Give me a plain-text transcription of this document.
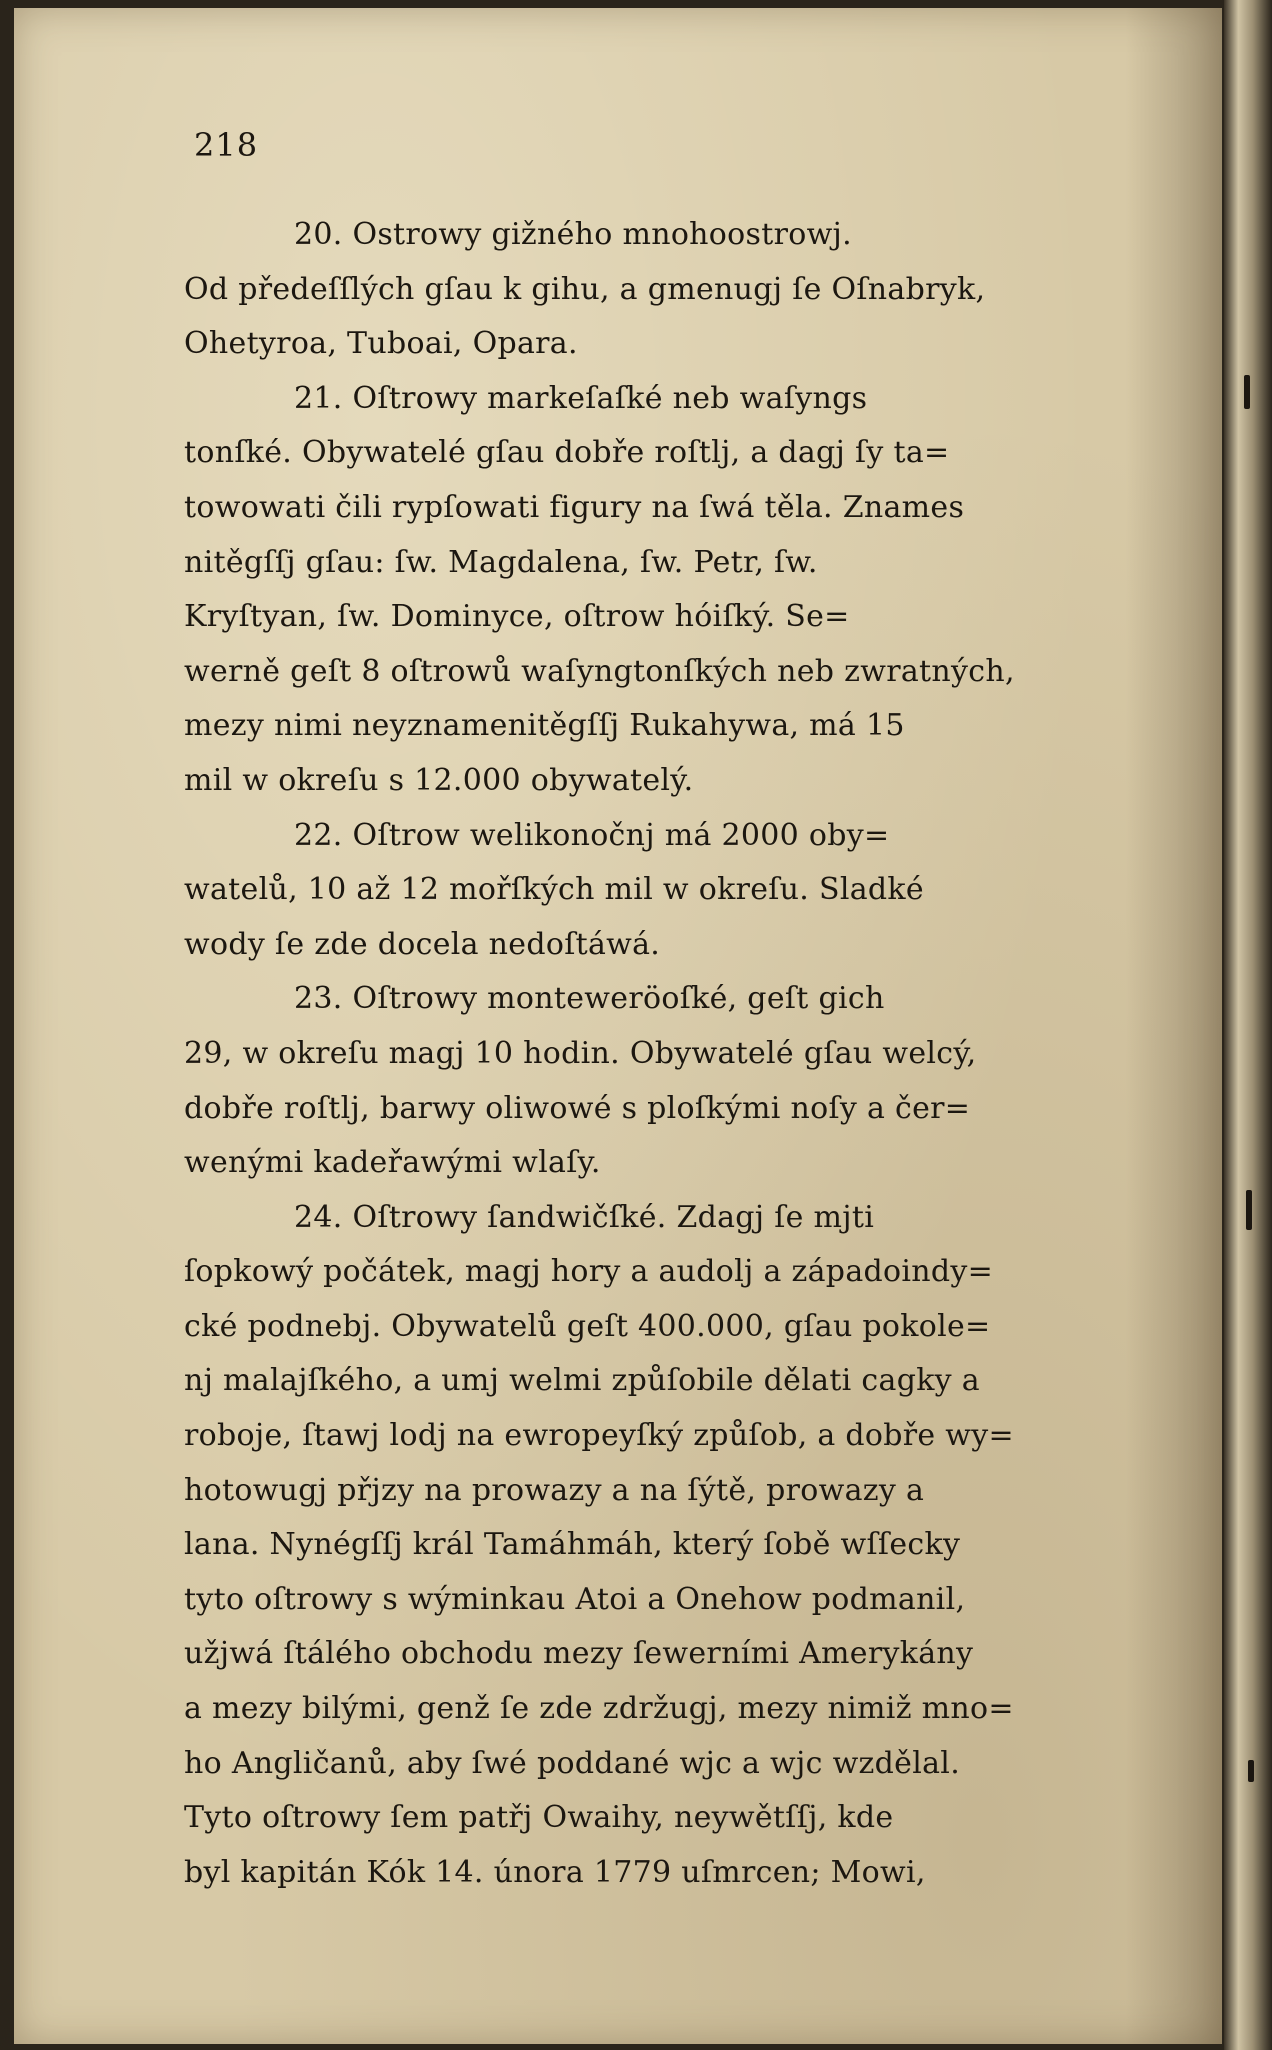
218
20. Ostrowy gižného mnohoostrowj.
Od předeſſlých gſau k gihu, a gmenugj ſe Oſnabryk,
Ohetyroa, Tuboai, Opara.
21. Oſtrowy markeſaſké neb waſyngs
tonſké. Obywatelé gſau dobře roſtlj, a dagj ſy ta=
towowati čili rypſowati figury na ſwá těla. Znames
nitěgſſj gſau: ſw. Magdalena, ſw. Petr, ſw.
Kryſtyan, ſw. Dominyce, oſtrow hóiſký. Se=
werně geſt 8 oſtrowů waſyngtonſkých neb zwratných,
mezy nimi neyznamenitěgſſj Rukahywa, má 15
mil w okreſu s 12.000 obywatelý.
22. Oſtrow welikonočnj má 2000 oby=
watelů, 10 až 12 mořſkých mil w okreſu. Sladké
wody ſe zde docela nedoſtáwá.
23. Oſtrowy monteweröoſké, geſt gich
29, w okreſu magj 10 hodin. Obywatelé gſau welcý,
dobře roſtlj, barwy oliwowé s ploſkými noſy a čer=
wenými kadeřawými wlaſy.
24. Oſtrowy ſandwičſké. Zdagj ſe mjti
ſopkowý počátek, magj hory a audolj a západoindy=
cké podnebj. Obywatelů geſt 400.000, gſau pokole=
nj malajſkého, a umj welmi způſobile dělati cagky a
roboje, ſtawj lodj na ewropeyſký způſob, a dobře wy=
hotowugj přjzy na prowazy a na ſýtě, prowazy a
lana. Nynégſſj král Tamáhmáh, který ſobě wſſecky
tyto oſtrowy s wýminkau Atoi a Onehow podmanil,
užjwá ſtálého obchodu mezy ſewerními Amerykány
a mezy bilými, genž ſe zde zdržugj, mezy nimiž mno=
ho Angličanů, aby ſwé poddané wjc a wjc wzdělal.
Tyto oſtrowy ſem patřj Owaihy, neywětſſj, kde
byl kapitán Kók 14. února 1779 uſmrcen; Mowi,
